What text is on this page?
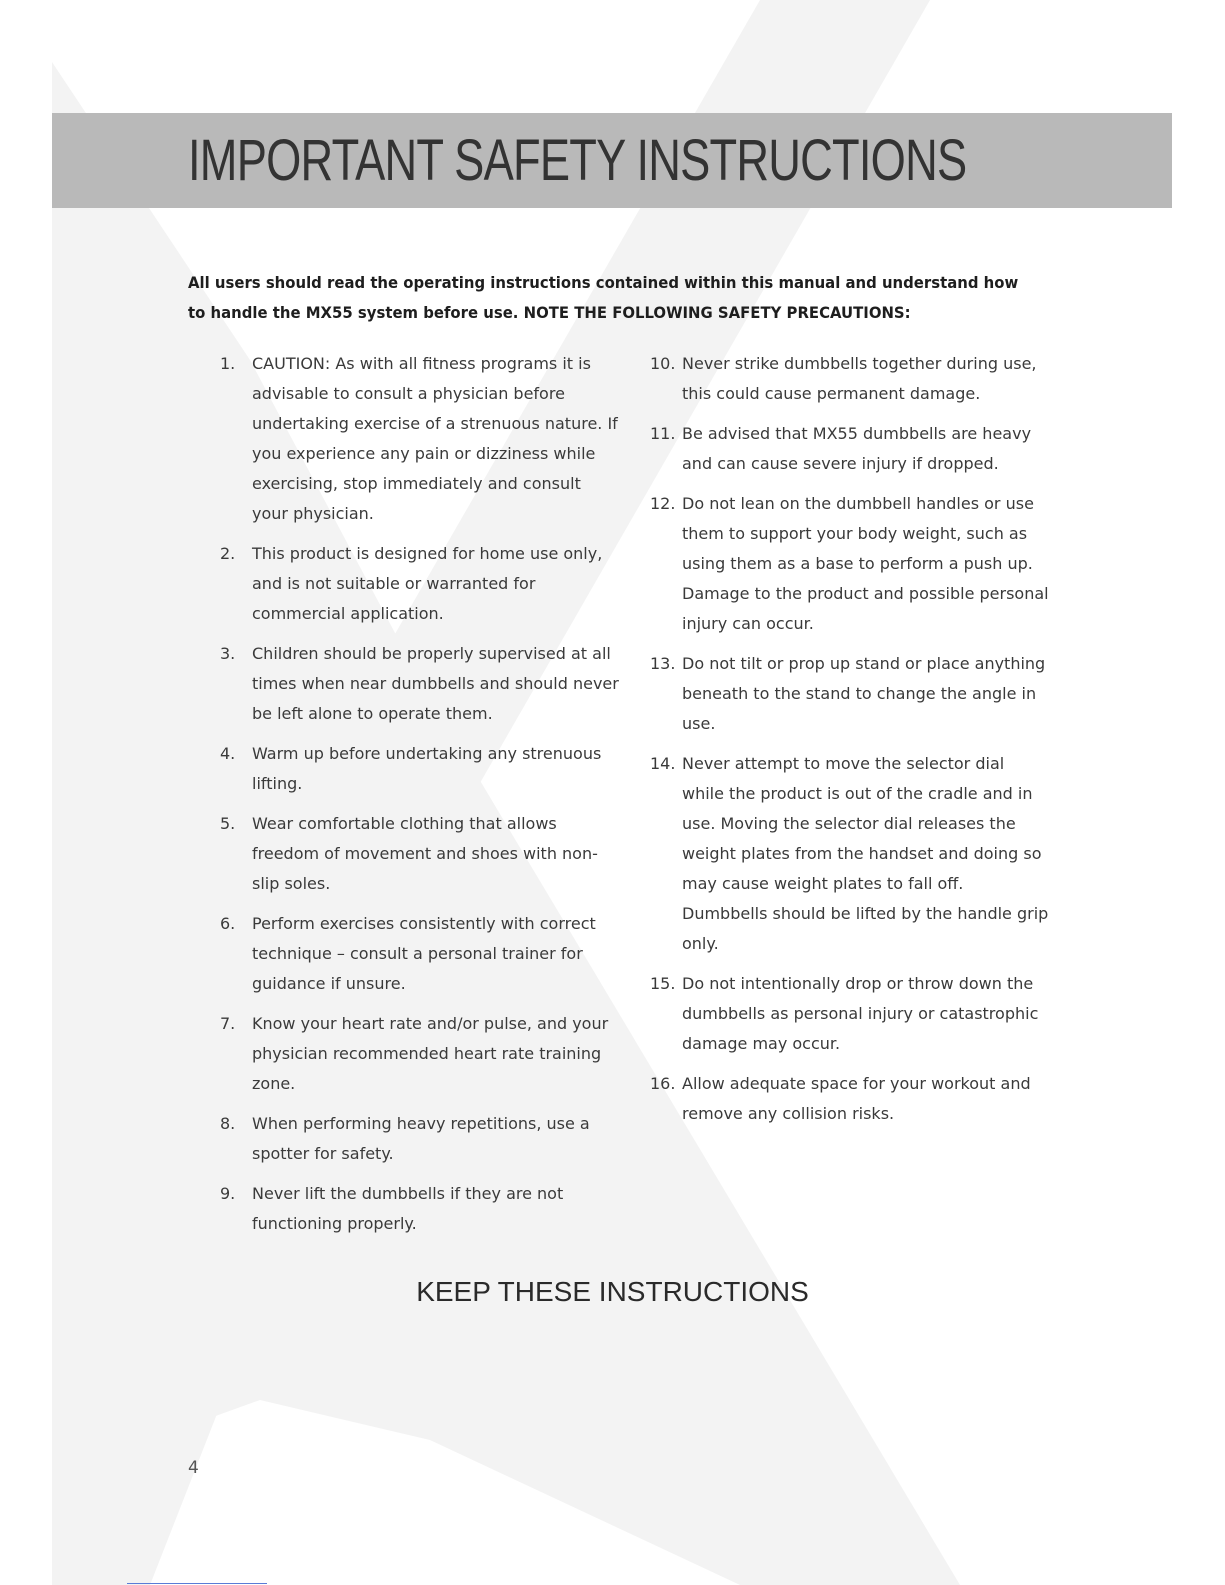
IMPORTANT SAFETY INSTRUCTIONS

All users should read the operating instructions contained within this manual and understand how to handle the MX55 system before use. NOTE THE FOLLOWING SAFETY PRECAUTIONS:

1. CAUTION: As with all fitness programs it is advisable to consult a physician before undertaking exercise of a strenuous nature. If you experience any pain or dizziness while exercising, stop immediately and consult your physician.
2. This product is designed for home use only, and is not suitable or warranted for commercial application.
3. Children should be properly supervised at all times when near dumbbells and should never be left alone to operate them.
4. Warm up before undertaking any strenuous lifting.
5. Wear comfortable clothing that allows freedom of movement and shoes with non-slip soles.
6. Perform exercises consistently with correct technique – consult a personal trainer for guidance if unsure.
7. Know your heart rate and/or pulse, and your physician recommended heart rate training zone.
8. When performing heavy repetitions, use a spotter for safety.
9. Never lift the dumbbells if they are not functioning properly.
10. Never strike dumbbells together during use, this could cause permanent damage.
11. Be advised that MX55 dumbbells are heavy and can cause severe injury if dropped.
12. Do not lean on the dumbbell handles or use them to support your body weight, such as using them as a base to perform a push up. Damage to the product and possible personal injury can occur.
13. Do not tilt or prop up stand or place anything beneath to the stand to change the angle in use.
14. Never attempt to move the selector dial while the product is out of the cradle and in use. Moving the selector dial releases the weight plates from the handset and doing so may cause weight plates to fall off. Dumbbells should be lifted by the handle grip only.
15. Do not intentionally drop or throw down the dumbbells as personal injury or catastrophic damage may occur.
16. Allow adequate space for your workout and remove any collision risks.
KEEP THESE INSTRUCTIONS
4
